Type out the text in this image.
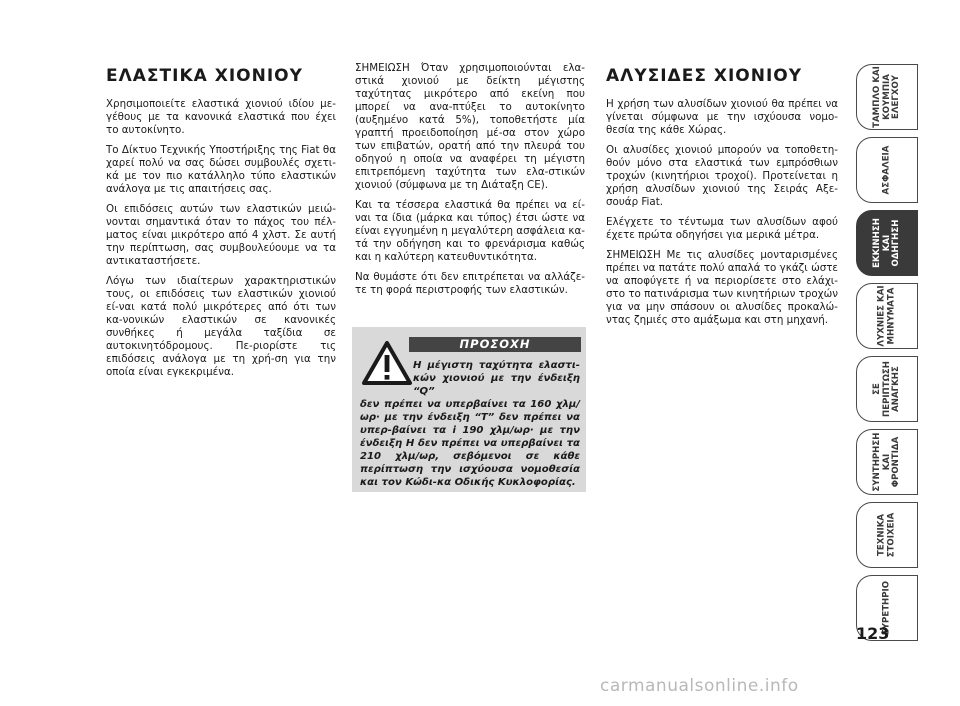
ΕΛΑΣΤΙΚΑ ΧΙΟΝΙΟΥ

Χρησιμοποιείτε ελαστικά χιονιού ιδίου με-γέθους με τα κανονικά ελαστικά που έχει το αυτοκίνητο.

Το Δίκτυο Τεχνικής Υποστήριξης της Fiat θα χαρεί πολύ να σας δώσει συμβουλές σχετι-κά με τον πιο κατάλληλο τύπο ελαστικών ανάλογα με τις απαιτήσεις σας.

Οι επιδόσεις αυτών των ελαστικών μειώ-νονται σημαντικά όταν το πάχος του πέλ-ματος είναι μικρότερο από 4 χλστ. Σε αυτή την περίπτωση, σας συμβουλεύουμε να τα αντικαταστήσετε.

Λόγω των ιδιαίτερων χαρακτηριστικών τους, οι επιδόσεις των ελαστικών χιονιού εί-ναι κατά πολύ μικρότερες από ότι των κα-νονικών ελαστικών σε κανονικές συνθήκες ή μεγάλα ταξίδια σε αυτοκινητόδρομους. Πε-ριορίστε τις επιδόσεις ανάλογα με τη χρή-ση για την οποία είναι εγκεκριμένα.

ΣΗΜΕΙΩΣΗ Όταν χρησιμοποιούνται ελα-στικά χιονιού με δείκτη μέγιστης ταχύτητας μικρότερο από εκείνη που μπορεί να ανα-πτύξει το αυτοκίνητο (αυξημένο κατά 5%), τοποθετήστε μία γραπτή προειδοποίηση μέ-σα στον χώρο των επιβατών, ορατή από την πλευρά του οδηγού η οποία να αναφέρει τη μέγιστη επιτρεπόμενη ταχύτητα των ελα-στικών χιονιού (σύμφωνα με τη Διάταξη CE).

Και τα τέσσερα ελαστικά θα πρέπει να εί-ναι τα ίδια (μάρκα και τύπος) έτσι ώστε να είναι εγγυημένη η μεγαλύτερη ασφάλεια κα-τά την οδήγηση και το φρενάρισμα καθώς και η καλύτερη κατευθυντικότητα.

Να θυμάστε ότι δεν επιτρέπεται να αλλάζε-τε τη φορά περιστροφής των ελαστικών.

ΠΡΟΣΟΧΗ
Η μέγιστη ταχύτητα ελαστι-κών χιονιού με την ένδειξη “Q”
δεν πρέπει να υπερβαίνει τα 160 χλμ/ωρ· με την ένδειξη “T” δεν πρέπει να υπερ-βαίνει τα i 190 χλμ/ωρ· με την ένδειξη Η δεν πρέπει να υπερβαίνει τα 210 χλμ/ωρ, σεβόμενοι σε κάθε περίπτωση την ισχύουσα νομοθεσία και τον Κώδι-κα Οδικής Κυκλοφορίας.
ΑΛΥΣΙΔΕΣ ΧΙΟΝΙΟΥ

Η χρήση των αλυσίδων χιονιού θα πρέπει να γίνεται σύμφωνα με την ισχύουσα νομο-θεσία της κάθε Χώρας.

Οι αλυσίδες χιονιού μπορούν να τοποθετη-θούν μόνο στα ελαστικά των εμπρόσθιων τροχών (κινητήριοι τροχοί). Προτείνεται η χρήση αλυσίδων χιονιού της Σειράς Αξε-σουάρ Fiat.

Ελέγχετε το τέντωμα των αλυσίδων αφού έχετε πρώτα οδηγήσει για μερικά μέτρα.

ΣΗΜΕΙΩΣΗ Με τις αλυσίδες μονταρισμένες πρέπει να πατάτε πολύ απαλά το γκάζι ώστε να αποφύγετε ή να περιορίσετε στο ελάχι-στο το πατινάρισμα των κινητήριων τροχών για να μην σπάσουν οι αλυσίδες προκαλώ-ντας ζημιές στο αμάξωμα και στη μηχανή.

ΤΑΜΠΛΟ ΚΑΙ
ΚΟΥΜΠΙΑ
ΕΛΕΓΧΟΥ
ΑΣΦΑΛΕΙΑ
ΕΚΚΙΝΗΣΗ
ΚΑΙ ΟΔΗΓΗΣΗ
ΛΥΧΝΙΕΣ ΚΑΙ
ΜΗΝΥΜΑΤΑ
ΣΕ ΠΕΡΙΠΤΩΣΗ
ΑΝΑΓΚΗΣ
ΣΥΝΤΗΡΗΣΗ
ΚΑΙ ΦΡΟΝΤΙΔΑ
ΤΕΧΝΙΚΑ
ΣΤΟΙΧΕΙΑ
ΕΥΡΕΤΗΡΙΟ
123
carmanualsonline.info
